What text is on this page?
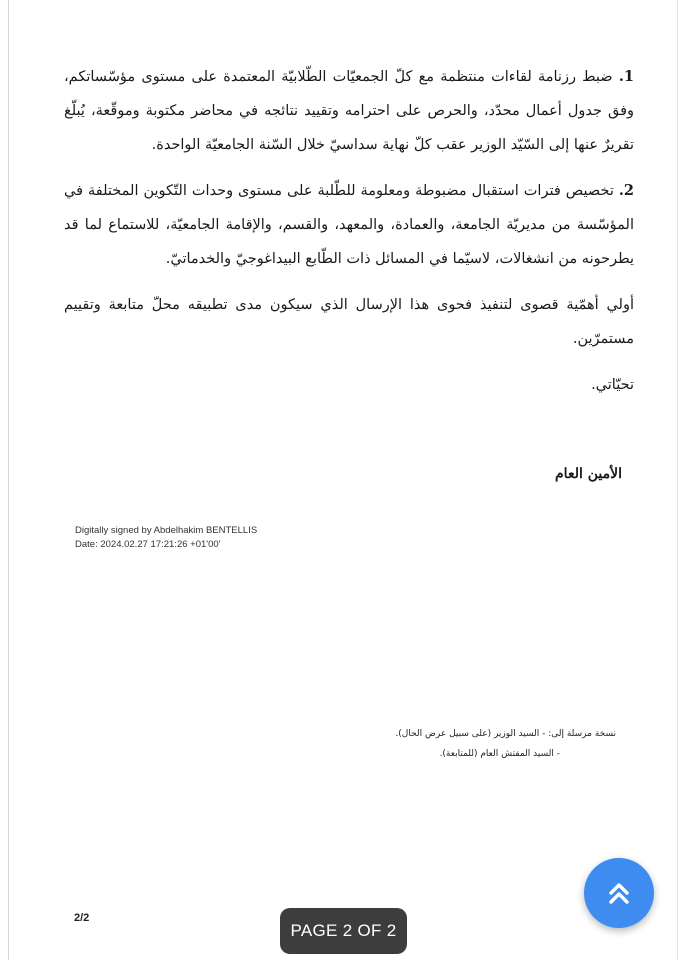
1. ضبط رزنامة لقاءات منتظمة مع كلّ الجمعيّات الطّلابيّة المعتمدة على مستوى مؤسّساتكم، وفق جدول أعمال محدّد، والحرص على احترامه وتقييد نتائجه في محاضر مكتوبة وموقّعة، يُبلّغ تقريرٌ عنها إلى السّيّد الوزير عقب كلّ نهاية سداسيّ خلال السّنة الجامعيّة الواحدة.

2. تخصيص فترات استقبال مضبوطة ومعلومة للطّلبة على مستوى وحدات التّكوين المختلفة في المؤسّسة من مديريّة الجامعة، والعمادة، والمعهد، والقسم، والإقامة الجامعيّة، للاستماع لما قد يطرحونه من انشغالات، لاسيّما في المسائل ذات الطّابع البيداغوجيّ والخدماتيّ.

أولي أهمّية قصوى لتنفيذ فحوى هذا الإرسال الذي سيكون مدى تطبيقه محلّ متابعة وتقييم مستمرّين.

تحيّاتي.

الأمين العام
Digitally signed by Abdelhakim BENTELLIS
Date: 2024.02.27 17:21:26 +01'00'
نسخة مرسلة إلى: - السيد الوزير (على سبيل عرض الحال).
- السيد المفتش العام (للمتابعة).
2/2
PAGE 2 OF 2
